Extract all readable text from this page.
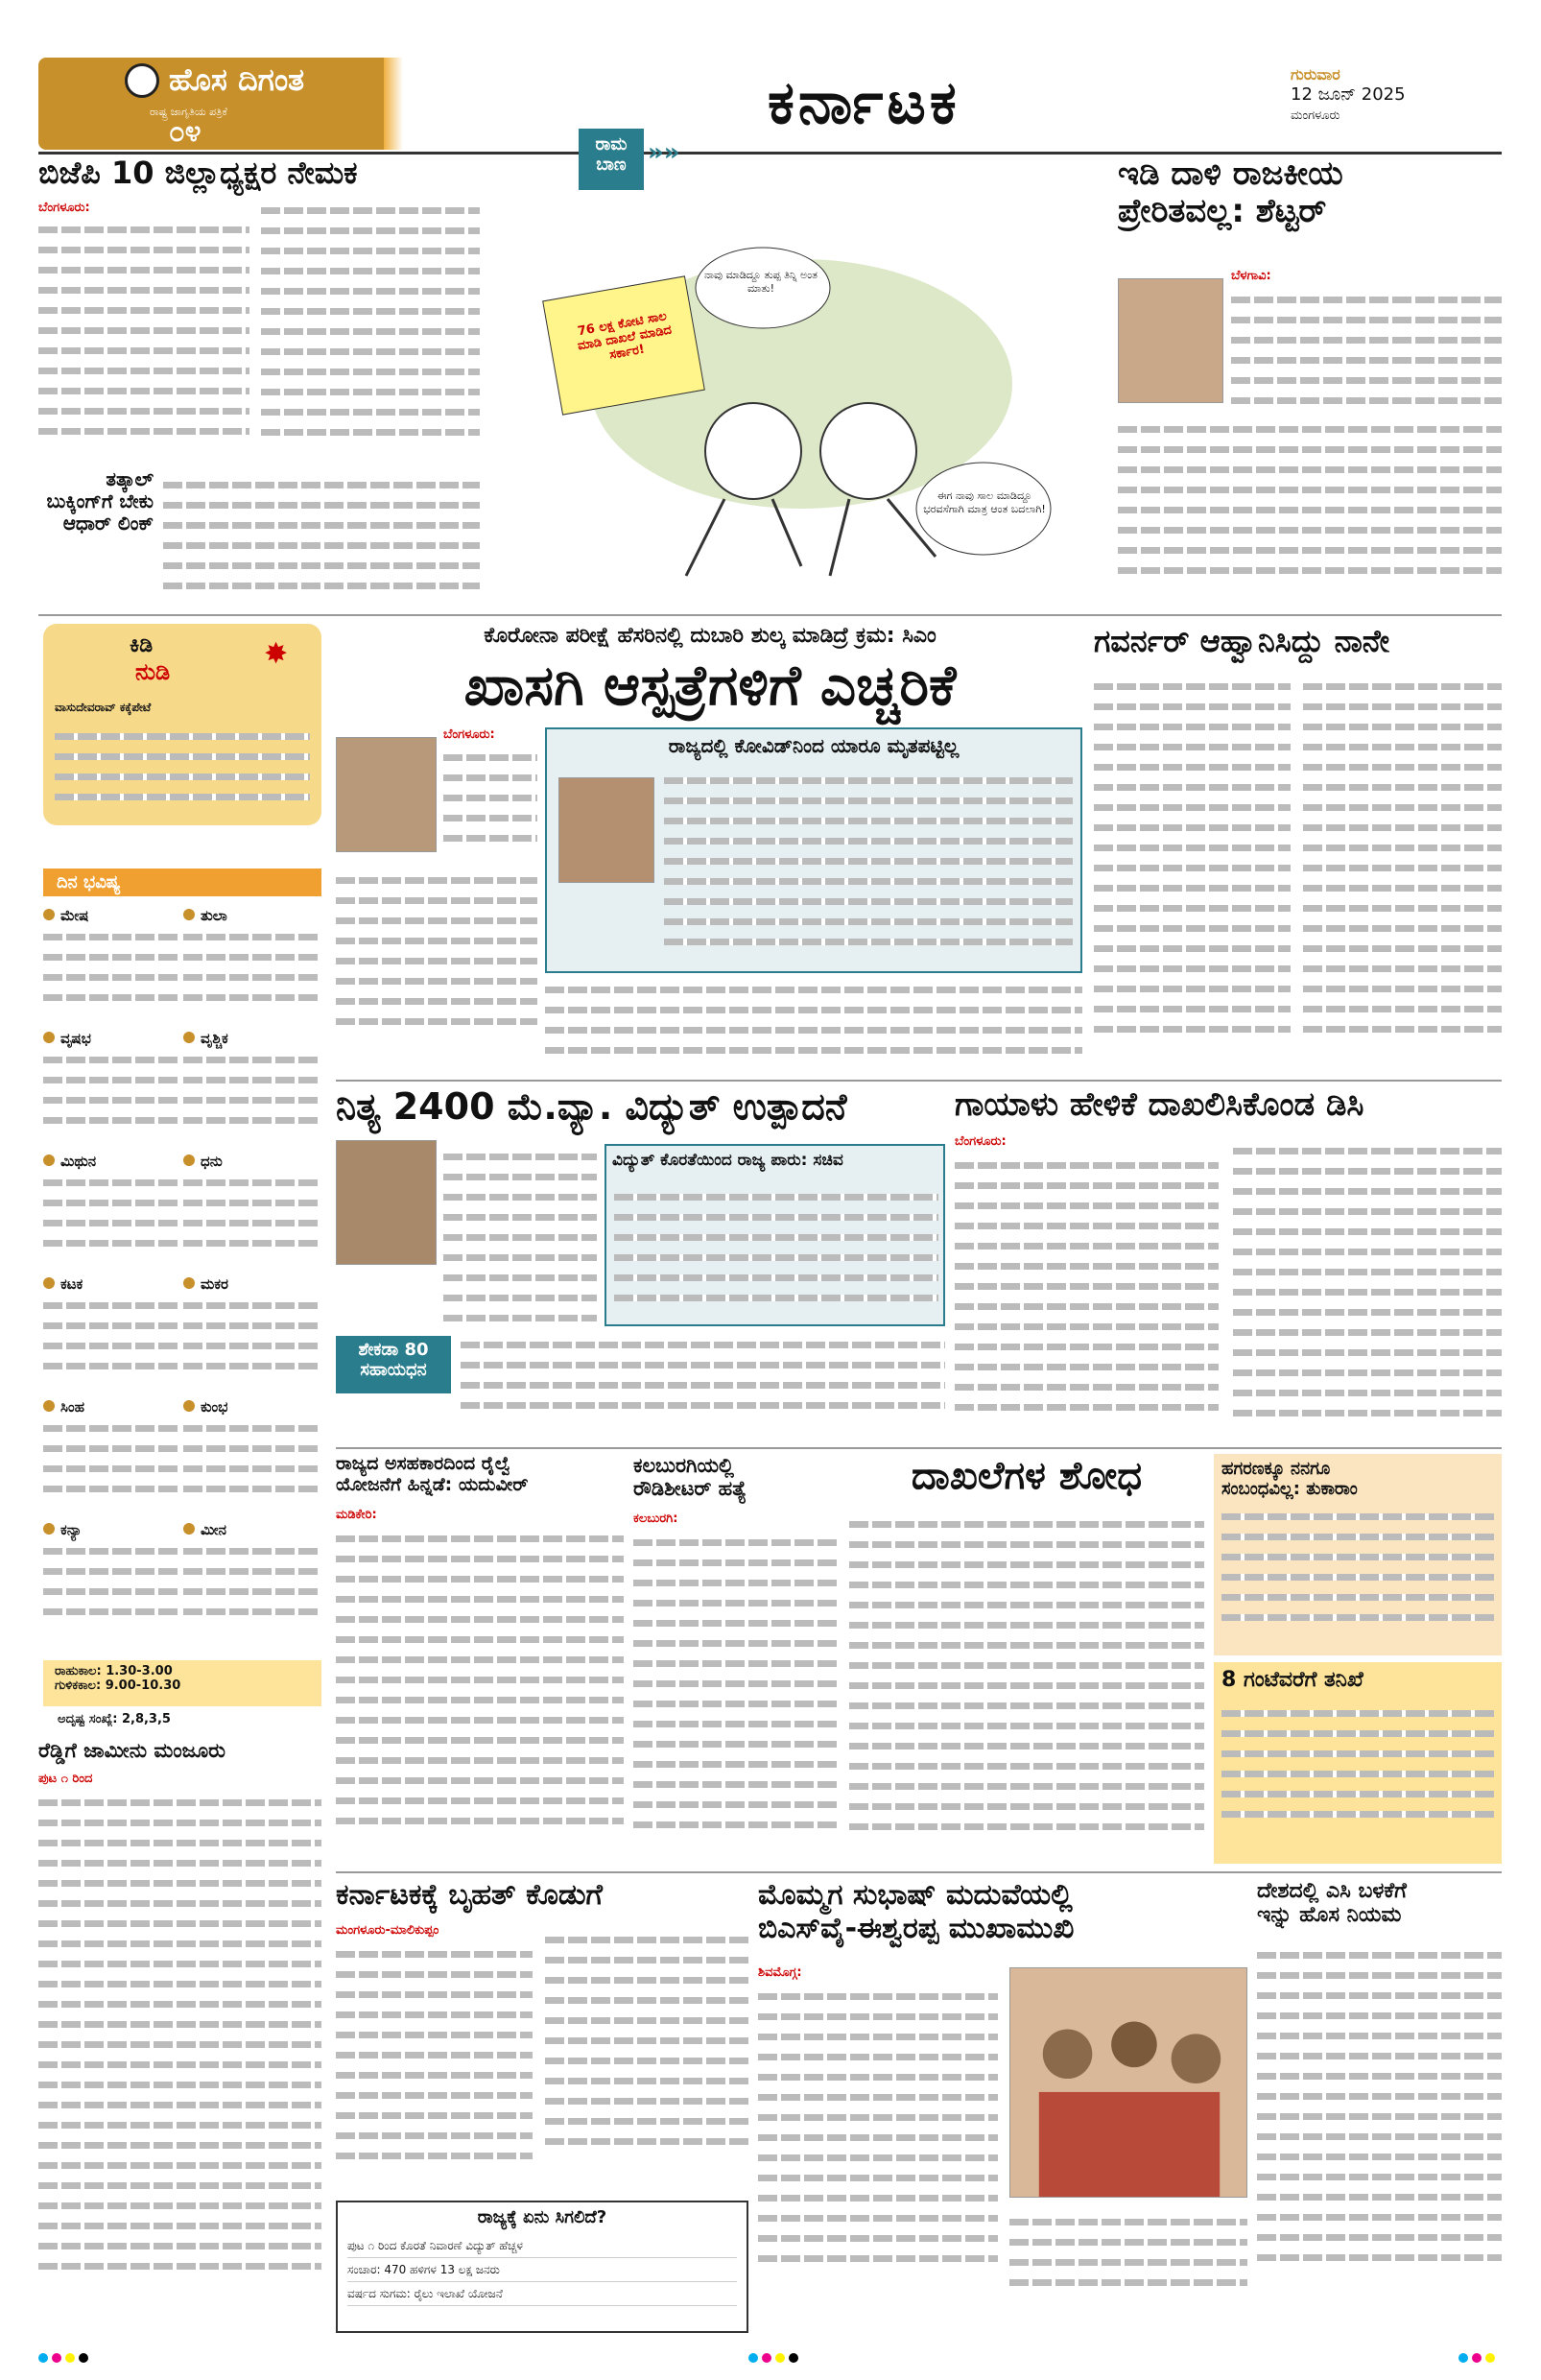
ಹೊಸ ದಿಗಂತ
ರಾಷ್ಟ್ರ ಜಾಗೃತಿಯ ಪತ್ರಿಕೆ
೦೪	ಕರ್ನಾಟಕ	ಗುರುವಾರ
12 ಜೂನ್ 2025
ಮಂಗಳೂರು
ಬಿಜೆಪಿ 10 ಜಿಲ್ಲಾಧ್ಯಕ್ಷರ ನೇಮಕ
ಬೆಂಗಳೂರು:
ತತ್ಕಾಲ್ ಬುಕ್ಕಿಂಗ್‌ಗೆ ಬೇಕು ಆಧಾರ್ ಲಿಂಕ್
ರಾಮ
ಬಾಣ »»
ನಾವು ಮಾಡಿದ್ದೂ ತುಪ್ಪ ತಿನ್ನಿ ಅಂತ ಮಾತು!
ಈಗ ನಾವು ಸಾಲ ಮಾಡಿದ್ದೂ ಭರವಸೆಗಾಗಿ ಮಾತ್ರ ಆಂತ ಬದಲಾಗಿ!
76 ಲಕ್ಷ ಕೋಟಿ ಸಾಲ ಮಾಡಿ ದಾಖಲೆ ಮಾಡಿದ ಸರ್ಕಾರ!
ಇಡಿ ದಾಳಿ ರಾಜಕೀಯ
ಪ್ರೇರಿತವಲ್ಲ: ಶೆಟ್ಟರ್
ಬೆಳಗಾವಿ:
ಕಿಡಿ
ನುಡಿ
✸
ವಾಸುದೇವರಾವ್ ಕಕ್ಕೆಪೇಟೆ
ದಿನ ಭವಿಷ್ಯ
ಮೇಷ	ತುಲಾ
ವೃಷಭ	ವೃಶ್ಚಿಕ
ಮಿಥುನ	ಧನು
ಕಟಕ	ಮಕರ
ಸಿಂಹ	ಕುಂಭ
ಕನ್ಯಾ	ಮೀನ
ರಾಹುಕಾಲ: 1.30-3.00
ಗುಳಿಕಕಾಲ: 9.00-10.30
ಅದೃಷ್ಟ ಸಂಖ್ಯೆ: 2,8,3,5
ಕೊರೋನಾ ಪರೀಕ್ಷೆ ಹೆಸರಿನಲ್ಲಿ ದುಬಾರಿ ಶುಲ್ಕ ಮಾಡಿದ್ರೆ ಕ್ರಮ: ಸಿಎಂ
ಖಾಸಗಿ ಆಸ್ಪತ್ರೆಗಳಿಗೆ ಎಚ್ಚರಿಕೆ
ಬೆಂಗಳೂರು:	ರಾಜ್ಯದಲ್ಲಿ ಕೋವಿಡ್‌ನಿಂದ ಯಾರೂ ಮೃತಪಟ್ಟಿಲ್ಲ
ಗವರ್ನರ್ ಆಹ್ವಾನಿಸಿದ್ದು ನಾನೇ
ನಿತ್ಯ 2400 ಮೆ.ವ್ಯಾ. ವಿದ್ಯುತ್ ಉತ್ಪಾದನೆ
ವಿದ್ಯುತ್ ಕೊರತೆಯಿಂದ ರಾಜ್ಯ ಪಾರು: ಸಚಿವ
ಶೇಕಡಾ 80
ಸಹಾಯಧನ
ಗಾಯಾಳು ಹೇಳಿಕೆ ದಾಖಲಿಸಿಕೊಂಡ ಡಿಸಿ
ಬೆಂಗಳೂರು:
ರಾಜ್ಯದ ಅಸಹಕಾರದಿಂದ ರೈಲ್ವೆ
ಯೋಜನೆಗೆ ಹಿನ್ನಡೆ: ಯದುವೀರ್
ಮಡಿಕೇರಿ:
ಕಲಬುರಗಿಯಲ್ಲಿ
ರೌಡಿಶೀಟರ್ ಹತ್ಯೆ
ಕಲಬುರಗಿ:
ದಾಖಲೆಗಳ ಶೋಧ	ಹಗರಣಕ್ಕೂ ನನಗೂ
ಸಂಬಂಧವಿಲ್ಲ: ತುಕಾರಾಂ
8 ಗಂಟೆವರೆಗೆ ತನಿಖೆ
ರೆಡ್ಡಿಗೆ ಜಾಮೀನು ಮಂಜೂರು
ಪುಟ ೧ ರಿಂದ
ಕರ್ನಾಟಕಕ್ಕೆ ಬೃಹತ್ ಕೊಡುಗೆ
ಮಂಗಳೂರು-ಮಾಲಿಕುಪ್ಪಂ
ರಾಜ್ಯಕ್ಕೆ ಏನು ಸಿಗಲಿದೆ?
ಪುಟ ೧ ರಿಂದ ಕೊರತೆ ನಿವಾರಣೆ ವಿದ್ಯುತ್ ಹೆಚ್ಚಳ
ಸಂಚಾರ: 470 ಹಳಿಗಳ 13 ಲಕ್ಷ ಜನರು
ವರ್ಷದ ಸುಗಮ: ರೈಲು ಇಲಾಖೆ ಯೋಜನೆ
ಮೊಮ್ಮಗ ಸುಭಾಷ್ ಮದುವೆಯಲ್ಲಿ
ಬಿಎಸ್‌ವೈ-ಈಶ್ವರಪ್ಪ ಮುಖಾಮುಖಿ
ಶಿವಮೊಗ್ಗ:
ದೇಶದಲ್ಲಿ ಎಸಿ ಬಳಕೆಗೆ
ಇನ್ನು ಹೊಸ ನಿಯಮ
